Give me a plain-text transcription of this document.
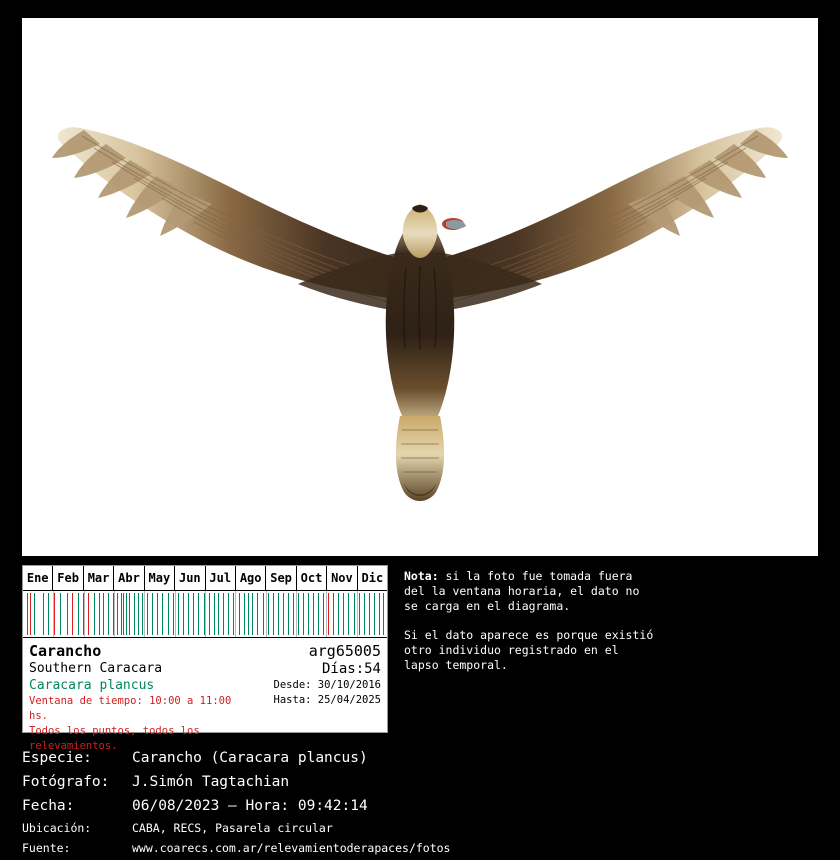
Ene Feb Mar Abr May Jun Jul Ago Sep Oct Nov Dic
Carancho
Southern Caracara
Caracara plancus
Ventana de tiempo: 10:00 a 11:00 hs.
Todos los puntos, todos los relevamientos.
arg65005
Días:54
Desde: 30/10/2016
Hasta: 25/04/2025

Nota: si la foto fue tomada fuera del la ventana horaria, el dato no se carga en el diagrama.

Si el dato aparece es porque existió otro individuo registrado en el lapso temporal.

Especie:	Carancho (Caracara plancus)
Fotógrafo:	J.Simón Tagtachian
Fecha:	06/08/2023 – Hora: 09:42:14
Ubicación:	CABA, RECS, Pasarela circular
Fuente:	www.coarecs.com.ar/relevamientoderapaces/fotos
